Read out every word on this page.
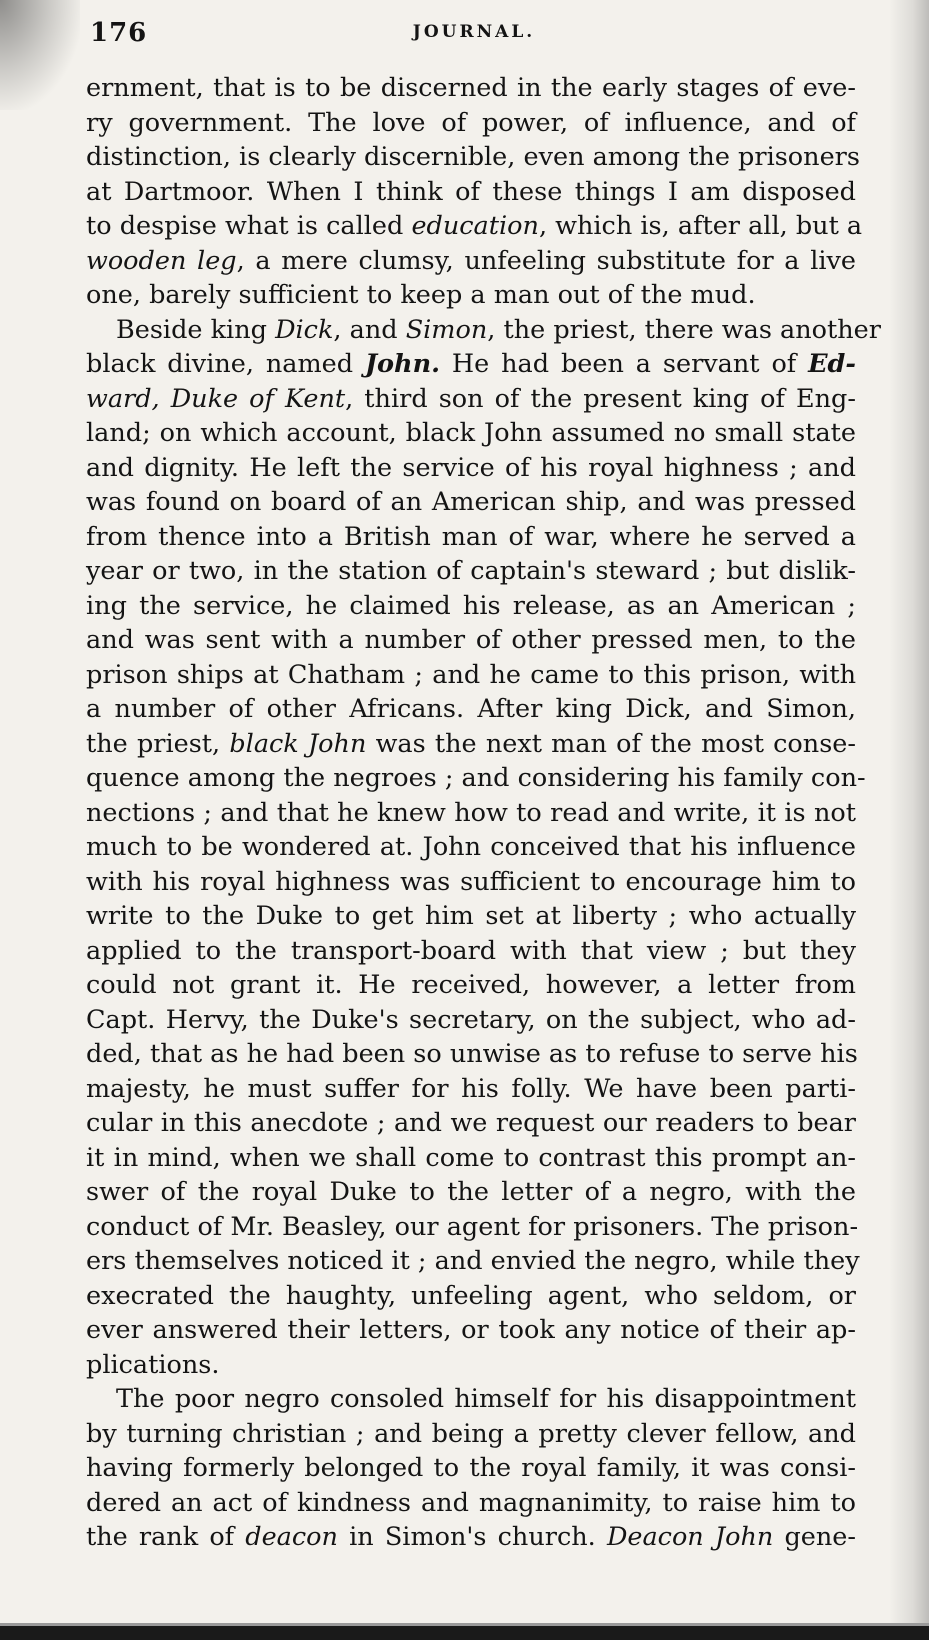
176	JOURNAL.
ernment, that is to be discerned in the early stages of eve-
ry government. The love of power, of influence, and of
distinction, is clearly discernible, even among the prisoners
at Dartmoor. When I think of these things I am disposed
to despise what is called education, which is, after all, but a
wooden leg, a mere clumsy, unfeeling substitute for a live
one, barely sufficient to keep a man out of the mud.
Beside king Dick, and Simon, the priest, there was another
black divine, named John. He had been a servant of Ed-
ward, Duke of Kent, third son of the present king of Eng-
land; on which account, black John assumed no small state
and dignity. He left the service of his royal highness ; and
was found on board of an American ship, and was pressed
from thence into a British man of war, where he served a
year or two, in the station of captain's steward ; but dislik-
ing the service, he claimed his release, as an American ;
and was sent with a number of other pressed men, to the
prison ships at Chatham ; and he came to this prison, with
a number of other Africans. After king Dick, and Simon,
the priest, black John was the next man of the most conse-
quence among the negroes ; and considering his family con-
nections ; and that he knew how to read and write, it is not
much to be wondered at. John conceived that his influence
with his royal highness was sufficient to encourage him to
write to the Duke to get him set at liberty ; who actually
applied to the transport-board with that view ; but they
could not grant it. He received, however, a letter from
Capt. Hervy, the Duke's secretary, on the subject, who ad-
ded, that as he had been so unwise as to refuse to serve his
majesty, he must suffer for his folly. We have been parti-
cular in this anecdote ; and we request our readers to bear
it in mind, when we shall come to contrast this prompt an-
swer of the royal Duke to the letter of a negro, with the
conduct of Mr. Beasley, our agent for prisoners. The prison-
ers themselves noticed it ; and envied the negro, while they
execrated the haughty, unfeeling agent, who seldom, or
ever answered their letters, or took any notice of their ap-
plications.
The poor negro consoled himself for his disappointment
by turning christian ; and being a pretty clever fellow, and
having formerly belonged to the royal family, it was consi-
dered an act of kindness and magnanimity, to raise him to
the rank of deacon in Simon's church. Deacon John gene-
